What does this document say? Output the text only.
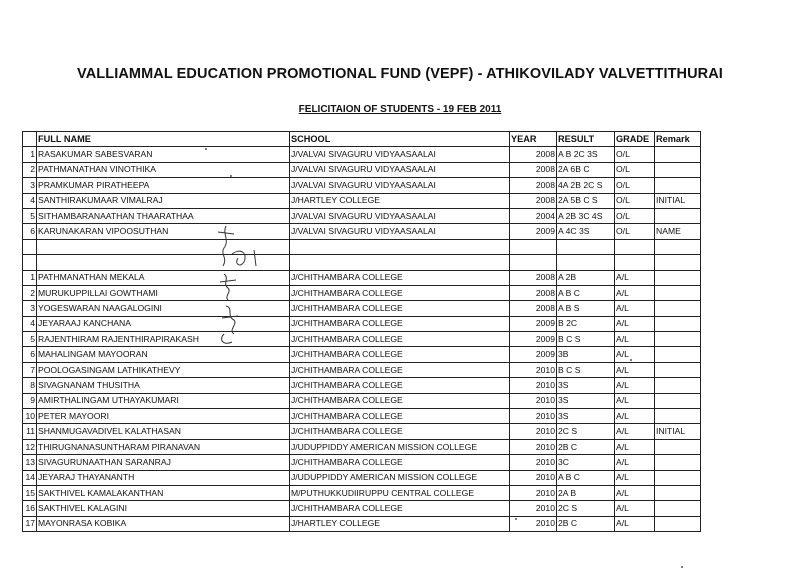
VALLIAMMAL EDUCATION PROMOTIONAL FUND (VEPF) - ATHIKOVILADY VALVETTITHURAI
FELICITAION OF STUDENTS - 19 FEB 2011
	FULL NAME	SCHOOL	YEAR	RESULT	GRADE	Remark
1	RASAKUMAR SABESVARAN	J/VALVAI SIVAGURU VIDYAASAALAI	2008	A B 2C 3S	O/L	
2	PATHMANATHAN VINOTHIKA	J/VALVAI SIVAGURU VIDYAASAALAI	2008	2A 6B C	O/L	
3	PRAMKUMAR PIRATHEEPA	J/VALVAI SIVAGURU VIDYAASAALAI	2008	4A 2B 2C S	O/L	
4	SANTHIRAKUMAAR VIMALRAJ	J/HARTLEY COLLEGE	2008	2A 5B C S	O/L	INITIAL
5	SITHAMBARANAATHAN THAARATHAA	J/VALVAI SIVAGURU VIDYAASAALAI	2004	A 2B 3C 4S	O/L	
6	KARUNAKARAN VIPOOSUTHAN	J/VALVAI SIVAGURU VIDYAASAALAI	2009	A 4C 3S	O/L	NAME

1	PATHMANATHAN MEKALA	J/CHITHAMBARA COLLEGE	2008	A 2B	A/L	
2	MURUKUPPILLAI GOWTHAMI	J/CHITHAMBARA COLLEGE	2008	A B C	A/L	
3	YOGESWARAN NAAGALOGINI	J/CHITHAMBARA COLLEGE	2008	A B S	A/L	
4	JEYARAAJ KANCHANA	J/CHITHAMBARA COLLEGE	2009	B 2C	A/L	
5	RAJENTHIRAM RAJENTHIRAPIRAKASH	J/CHITHAMBARA COLLEGE	2009	B C S	A/L	
6	MAHALINGAM MAYOORAN	J/CHITHAMBARA COLLEGE	2009	3B	A/L	
7	POOLOGASINGAM LATHIKATHEVY	J/CHITHAMBARA COLLEGE	2010	B C S	A/L	
8	SIVAGNANAM THUSITHA	J/CHITHAMBARA COLLEGE	2010	3S	A/L	
9	AMIRTHALINGAM UTHAYAKUMARI	J/CHITHAMBARA COLLEGE	2010	3S	A/L	
10	PETER MAYOORI	J/CHITHAMBARA COLLEGE	2010	3S	A/L	
11	SHANMUGAVADIVEL KALATHASAN	J/CHITHAMBARA COLLEGE	2010	2C S	A/L	INITIAL
12	THIRUGNANASUNTHARAM PIRANAVAN	J/UDUPPIDDY AMERICAN MISSION COLLEGE	2010	2B C	A/L	
13	SIVAGURUNAATHAN SARANRAJ	J/CHITHAMBARA COLLEGE	2010	3C	A/L	
14	JEYARAJ THAYANANTH	J/UDUPPIDDY AMERICAN MISSION COLLEGE	2010	A B C	A/L	
15	SAKTHIVEL KAMALAKANTHAN	M/PUTHUKKUDIIRUPPU CENTRAL COLLEGE	2010	2A B	A/L	
16	SAKTHIVEL KALAGINI	J/CHITHAMBARA COLLEGE	2010	2C S	A/L	
17	MAYONRASA KOBIKA	J/HARTLEY COLLEGE	2010	2B C	A/L	
